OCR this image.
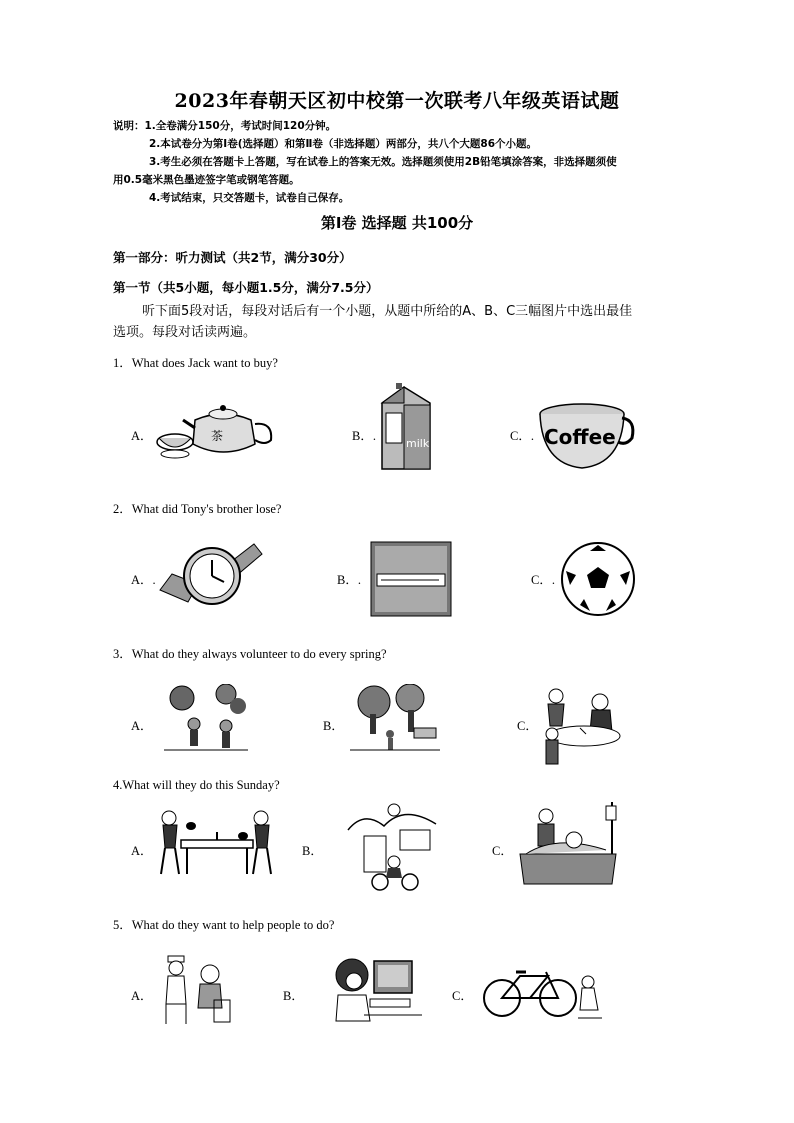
2023年春朝天区初中校第一次联考八年级英语试题
说明：1.全卷满分150分，考试时间120分钟。
2.本试卷分为第Ⅰ卷(选择题）和第Ⅱ卷（非选择题）两部分，共八个大题86个小题。
3.考生必须在答题卡上答题，写在试卷上的答案无效。选择题须使用2B铅笔填涂答案，非选择题须使
用0.5毫米黑色墨迹签字笔或钢笔答题。
4.考试结束，只交答题卡，试卷自己保存。
第Ⅰ卷 选择题 共100分
第一部分：听力测试（共2节，满分30分）
第一节（共5小题，每小题1.5分，满分7.5分）
听下面5段对话，每段对话后有一个小题，从题中所给的A、B、C三幅图片中选出最佳
选项。每段对话读两遍。
1．What does Jack want to buy?
A．	茶	B．.
milk
C．. Coffee
2．What did Tony's brother lose?
A．.	B．.	C．.
3．What do they always volunteer to do every spring?
A．	B．	C．
4.What will they do this Sunday?
A．	B．	C．
5．What do they want to help people to do?
A．	B．	C．
